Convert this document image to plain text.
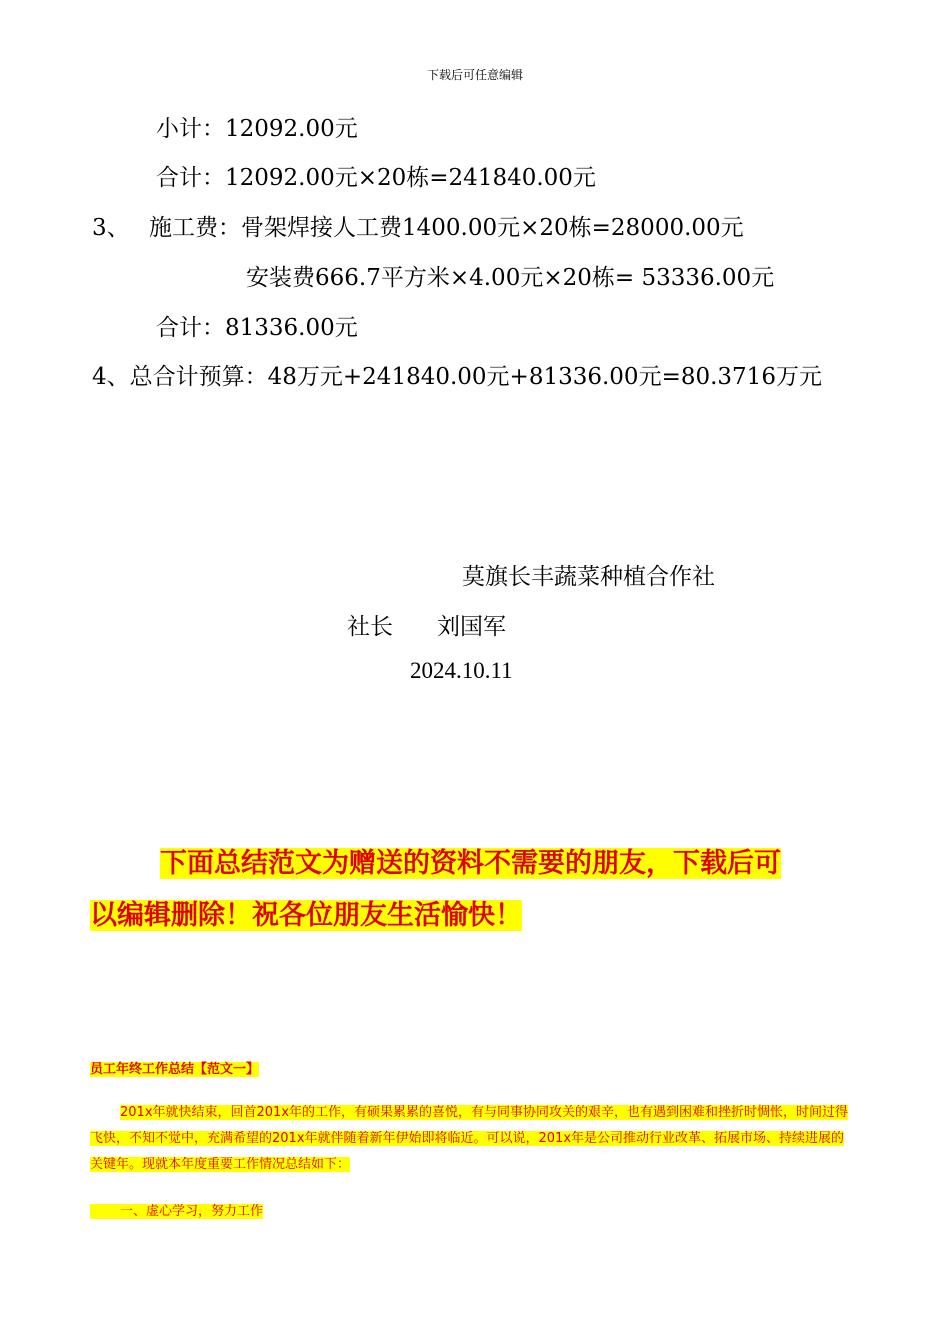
下载后可任意编辑
小计：12092.00元
合计：12092.00元×20栋=241840.00元
3、 施工费：骨架焊接人工费1400.00元×20栋=28000.00元
安装费666.7平方米×4.00元×20栋= 53336.00元
合计：81336.00元
4、总合计预算：48万元+241840.00元+81336.00元=80.3716万元
莫旗长丰蔬菜种植合作社
社长 刘国军
2024.10.11
下面总结范文为赠送的资料不需要的朋友，下载后可
以编辑删除！祝各位朋友生活愉快！
员工年终工作总结【范文一】
201x年就快结束，回首201x年的工作，有硕果累累的喜悦，有与同事协同攻关的艰辛，也有遇到困难和挫折时惆怅，时间过得飞快，不知不觉中，充满希望的201x年就伴随着新年伊始即将临近。可以说，201x年是公司推动行业改革、拓展市场、持续进展的关键年。现就本年度重要工作情况总结如下：
一、虚心学习，努力工作
